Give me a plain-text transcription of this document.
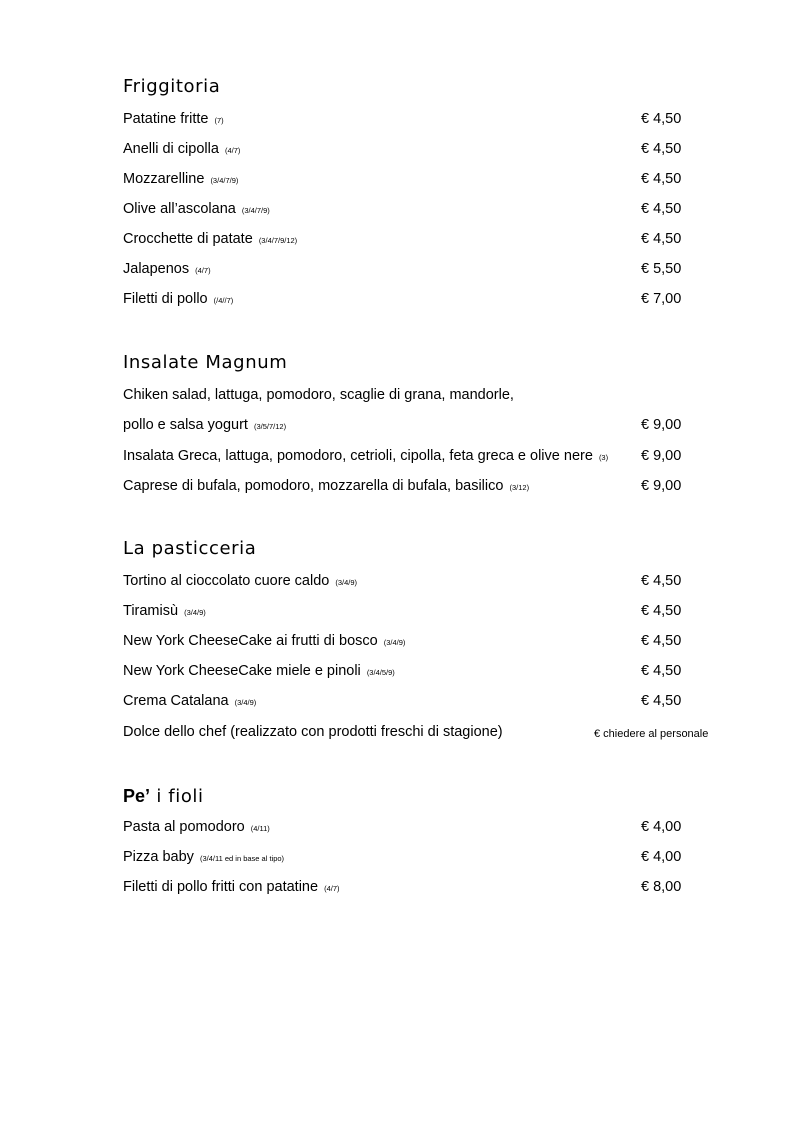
Friggitoria
Patatine fritte (7)	€ 4,50
Anelli di cipolla (4/7)	€ 4,50
Mozzarelline (3/4/7/9)	€ 4,50
Olive all’ascolana (3/4/7/9)	€ 4,50
Crocchette di patate (3/4/7/9/12)	€ 4,50
Jalapenos (4/7)	€ 5,50
Filetti di pollo (/4//7)	€ 7,00
Insalate Magnum
Chiken salad, lattuga, pomodoro, scaglie di grana, mandorle,
pollo e salsa yogurt (3/5/7/12)	€ 9,00
Insalata Greca, lattuga, pomodoro, cetrioli, cipolla, feta greca e olive nere (3) € 9,00
Caprese di bufala, pomodoro, mozzarella di bufala, basilico (3/12)	€ 9,00
La pasticceria
Tortino al cioccolato cuore caldo (3/4/9)	€ 4,50
Tiramisù (3/4/9)	€ 4,50
New York CheeseCake ai frutti di bosco (3/4/9)	€ 4,50
New York CheeseCake miele e pinoli (3/4/5/9)	€ 4,50
Crema Catalana (3/4/9)	€ 4,50
Dolce dello chef (realizzato con prodotti freschi di stagione)	€ chiedere al personale
Pe’ i fioli
Pasta al pomodoro (4/11)	€ 4,00
Pizza baby (3/4/11 ed in base al tipo)	€ 4,00
Filetti di pollo fritti con patatine (4/7)	€ 8,00
